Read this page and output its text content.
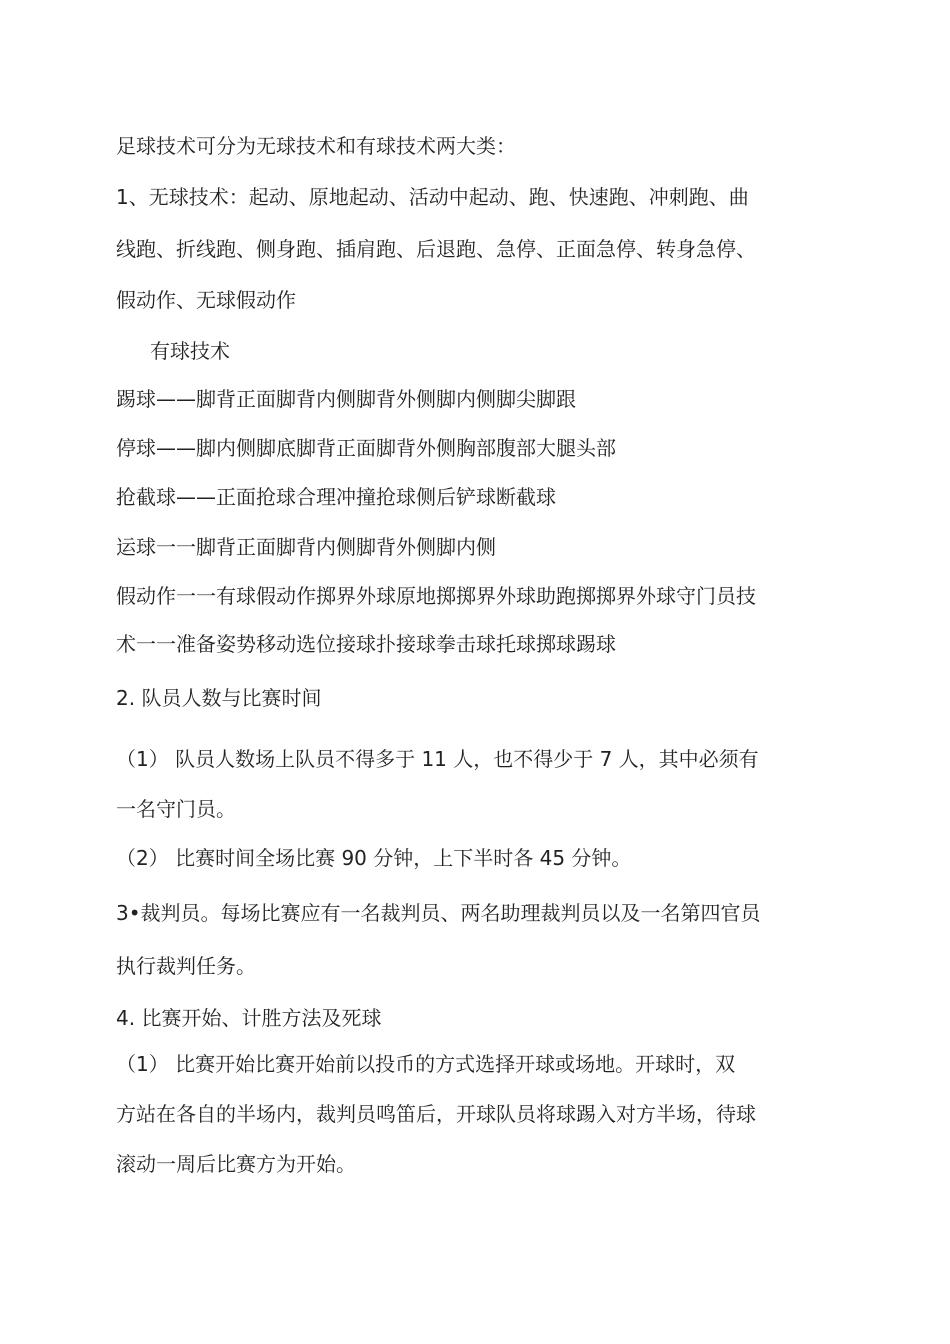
足球技术可分为无球技术和有球技术两大类：
1、无球技术：起动、原地起动、活动中起动、跑、快速跑、冲刺跑、曲
线跑、折线跑、侧身跑、插肩跑、后退跑、急停、正面急停、转身急停、
假动作、无球假动作
有球技术
踢球——脚背正面脚背内侧脚背外侧脚内侧脚尖脚跟
停球——脚内侧脚底脚背正面脚背外侧胸部腹部大腿头部
抢截球——正面抢球合理冲撞抢球侧后铲球断截球
运球一一脚背正面脚背内侧脚背外侧脚内侧
假动作一一有球假动作掷界外球原地掷掷界外球助跑掷掷界外球守门员技
术一一准备姿势移动选位接球扑接球拳击球托球掷球踢球
2. 队员人数与比赛时间
（1） 队员人数场上队员不得多于 11 人，也不得少于 7 人，其中必须有
一名守门员。
（2） 比赛时间全场比赛 90 分钟，上下半时各 45 分钟。
3•裁判员。每场比赛应有一名裁判员、两名助理裁判员以及一名第四官员
执行裁判任务。
4. 比赛开始、计胜方法及死球
（1） 比赛开始比赛开始前以投币的方式选择开球或场地。开球时，双
方站在各自的半场内，裁判员鸣笛后，开球队员将球踢入对方半场，待球
滚动一周后比赛方为开始。
